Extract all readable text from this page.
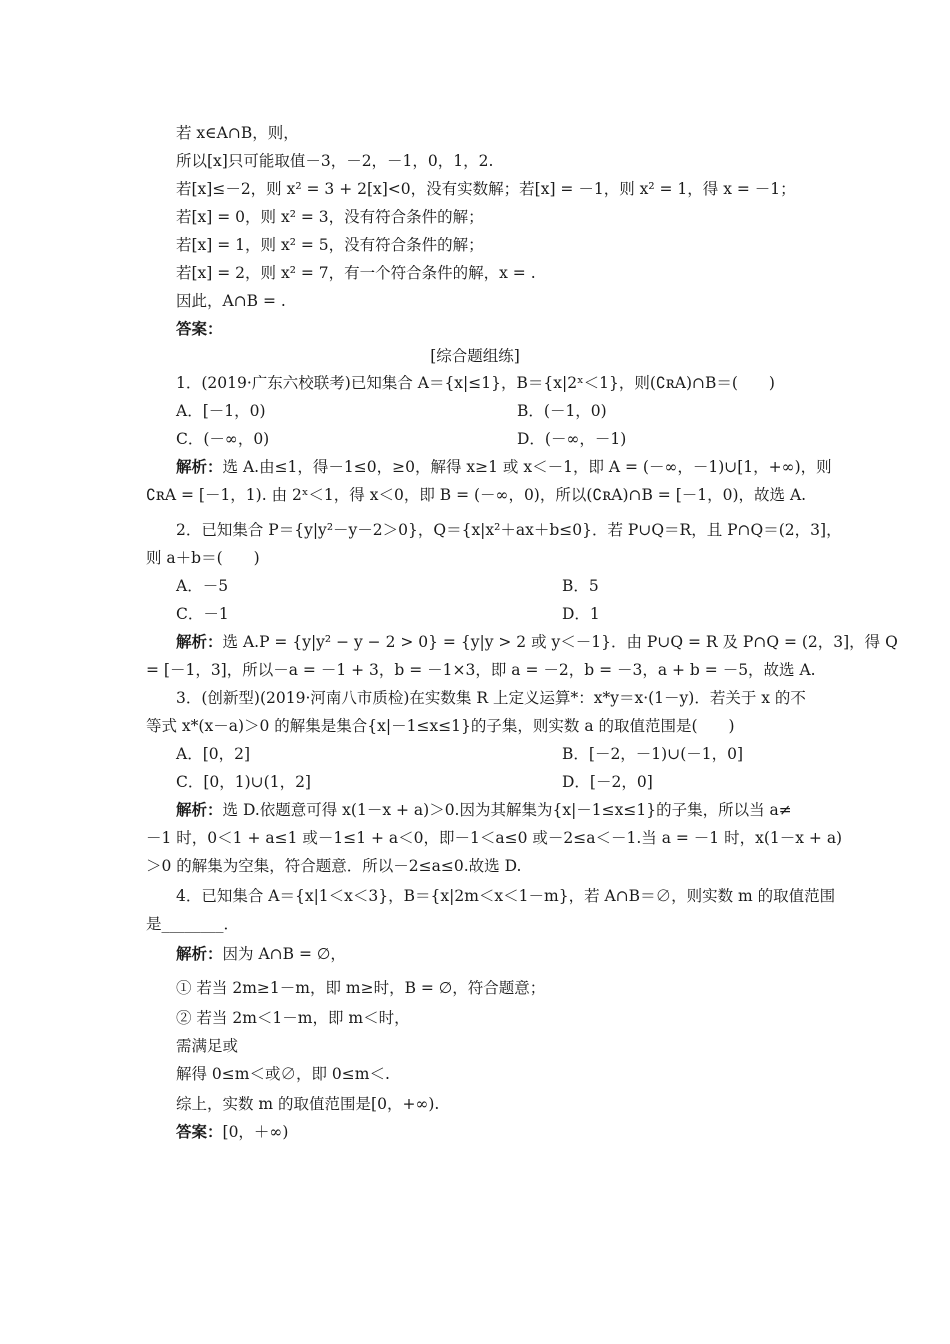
若 x∈A∩B，则，
所以[x]只可能取值－3，－2，－1，0，1，2.
若[x]≤－2，则 x² = 3 + 2[x]<0，没有实数解；若[x] = －1，则 x² = 1，得 x = －1；
若[x] = 0，则 x² = 3，没有符合条件的解；
若[x] = 1，则 x² = 5，没有符合条件的解；
若[x] = 2，则 x² = 7，有一个符合条件的解，x = .
因此，A∩B = .
答案：
[综合题组练]
1．(2019·广东六校联考)已知集合 A＝{x|≤1}，B＝{x|2ˣ＜1}，则(∁ʀA)∩B＝(　　)
A．[－1，0)	B．(－1，0)
C．(－∞，0)	D．(－∞，－1)
解析：选 A.由≤1，得－1≤0，≥0，解得 x≥1 或 x＜－1，即 A = (－∞，－1)∪[1，+∞)，则
∁ʀA = [－1，1). 由 2ˣ＜1，得 x＜0，即 B = (－∞，0)，所以(∁ʀA)∩B = [－1，0)，故选 A.
2．已知集合 P＝{y|y²－y－2＞0}，Q＝{x|x²＋ax＋b≤0}．若 P∪Q＝R，且 P∩Q＝(2，3]，
则 a＋b＝(　　)
A．－5	B．5
C．－1	D．1
解析：选 A.P = {y|y² − y − 2 > 0} = {y|y > 2 或 y＜－1}．由 P∪Q = R 及 P∩Q = (2，3]，得 Q
= [－1，3]，所以－a = －1 + 3，b = －1×3，即 a = －2，b = －3，a + b = －5，故选 A.
3．(创新型)(2019·河南八市质检)在实数集 R 上定义运算*：x*y＝x·(1－y)．若关于 x 的不
等式 x*(x－a)＞0 的解集是集合{x|－1≤x≤1}的子集，则实数 a 的取值范围是(　　)
A．[0，2]	B．[－2，－1)∪(－1，0]
C．[0，1)∪(1，2]	D．[－2，0]
解析：选 D.依题意可得 x(1－x + a)＞0.因为其解集为{x|－1≤x≤1}的子集，所以当 a≠
－1 时，0＜1 + a≤1 或－1≤1 + a＜0，即－1＜a≤0 或－2≤a＜－1.当 a = －1 时，x(1－x + a)
＞0 的解集为空集，符合题意．所以－2≤a≤0.故选 D.
4．已知集合 A＝{x|1＜x＜3}，B＝{x|2m＜x＜1－m}，若 A∩B＝∅，则实数 m 的取值范围
是________．
解析：因为 A∩B = ∅，
① 若当 2m≥1－m，即 m≥时，B = ∅，符合题意；
② 若当 2m＜1－m，即 m＜时，
需满足或
解得 0≤m＜或∅，即 0≤m＜.
综上，实数 m 的取值范围是[0，+∞).
答案：[0，＋∞)
